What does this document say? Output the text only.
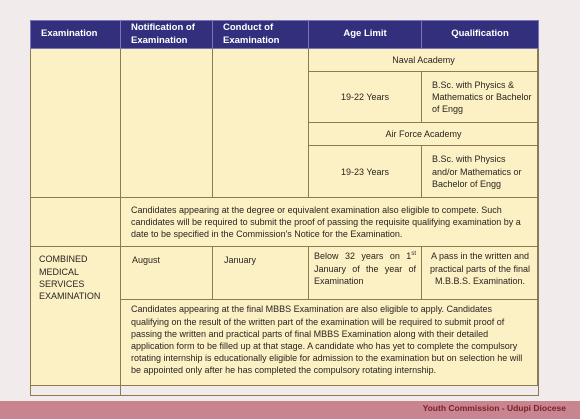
Examination	Notification of Examination	Conduct of Examination	Age Limit	Qualification
			Naval Academy	
			19-22 Years	B.Sc. with Physics & Mathematics or Bachelor of Engg
			Air Force Academy	
			19-23 Years	B.Sc. with Physics and/or Mathematics or Bachelor of Engg
	Candidates appearing at the degree or equivalent examination also eligible to compete. Such candidates will be required to submit the proof of passing the requisite qualifying examination by a date to be specified in the Commission's Notice for the Examination.			

COMBINED MEDICAL SERVICES EXAMINATION	August	January	Below 32 years on 1st January of the year of Examination	A pass in the written and practical parts of the final M.B.B.S. Examination.
	Candidates appearing at the final MBBS Examination are also eligible to apply. Candidates qualifying on the result of the written part of the examination will be required to submit proof of passing the written and practical parts of final MBBS Examination along with their detailed application form to be filled up at that stage. A candidate who has yet to complete the compulsory rotating internship is educationally eligible for admission to the examination but on selection he will be appointed only after he has completed the compulsory rotating internship.			
Youth Commission - Udupi Diocese
